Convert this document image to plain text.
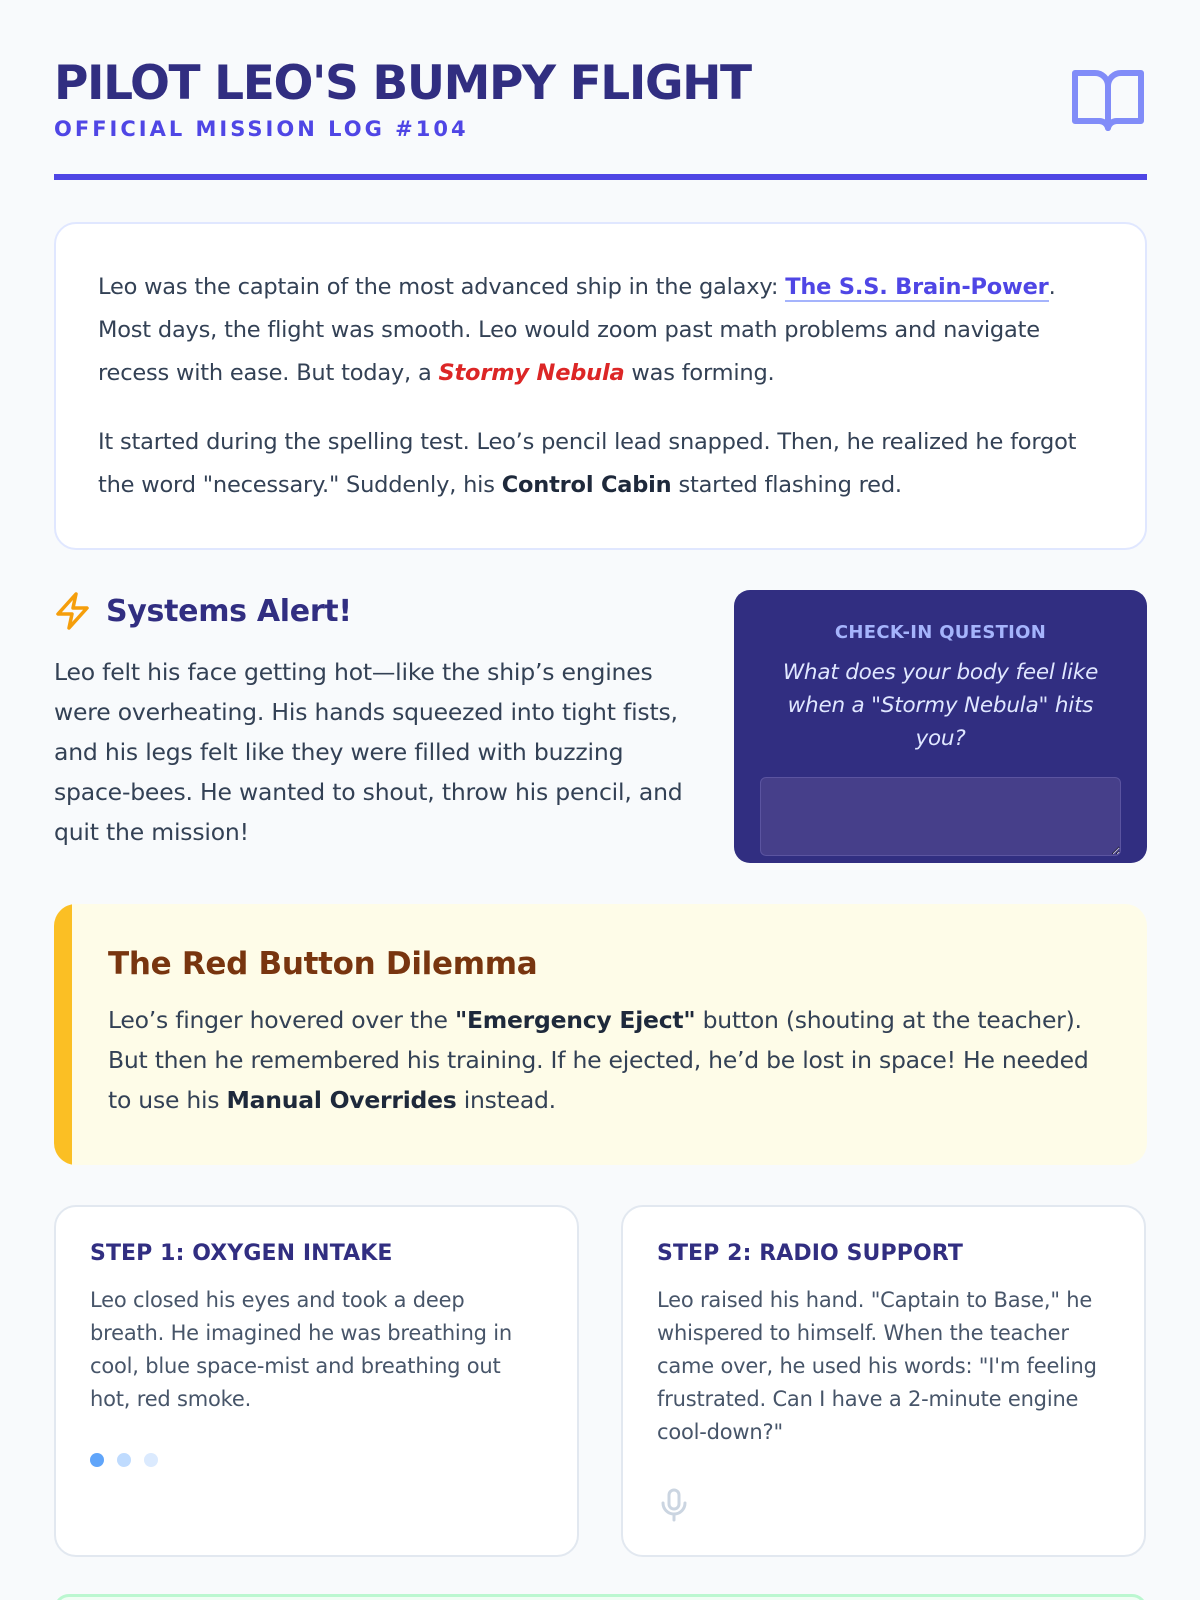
PILOT LEO'S BUMPY FLIGHT
OFFICIAL MISSION LOG #104

Leo was the captain of the most advanced ship in the galaxy: The S.S. Brain-Power. Most days, the flight was smooth. Leo would zoom past math problems and navigate recess with ease. But today, a Stormy Nebula was forming.

It started during the spelling test. Leo’s pencil lead snapped. Then, he realized he forgot the word "necessary." Suddenly, his Control Cabin started flashing red.

Systems Alert!

Leo felt his face getting hot—like the ship’s engines were overheating. His hands squeezed into tight fists, and his legs felt like they were filled with buzzing space-bees. He wanted to shout, throw his pencil, and quit the mission!

CHECK-IN QUESTION
What does your body feel like when a "Stormy Nebula" hits you?
The Red Button Dilemma

Leo’s finger hovered over the "Emergency Eject" button (shouting at the teacher). But then he remembered his training. If he ejected, he’d be lost in space! He needed to use his Manual Overrides instead.

STEP 1: OXYGEN INTAKE

Leo closed his eyes and took a deep breath. He imagined he was breathing in cool, blue space-mist and breathing out hot, red smoke.

STEP 2: RADIO SUPPORT

Leo raised his hand. "Captain to Base," he whispered to himself. When the teacher came over, he used his words: "I'm feeling frustrated. Can I have a 2-minute engine cool-down?"
